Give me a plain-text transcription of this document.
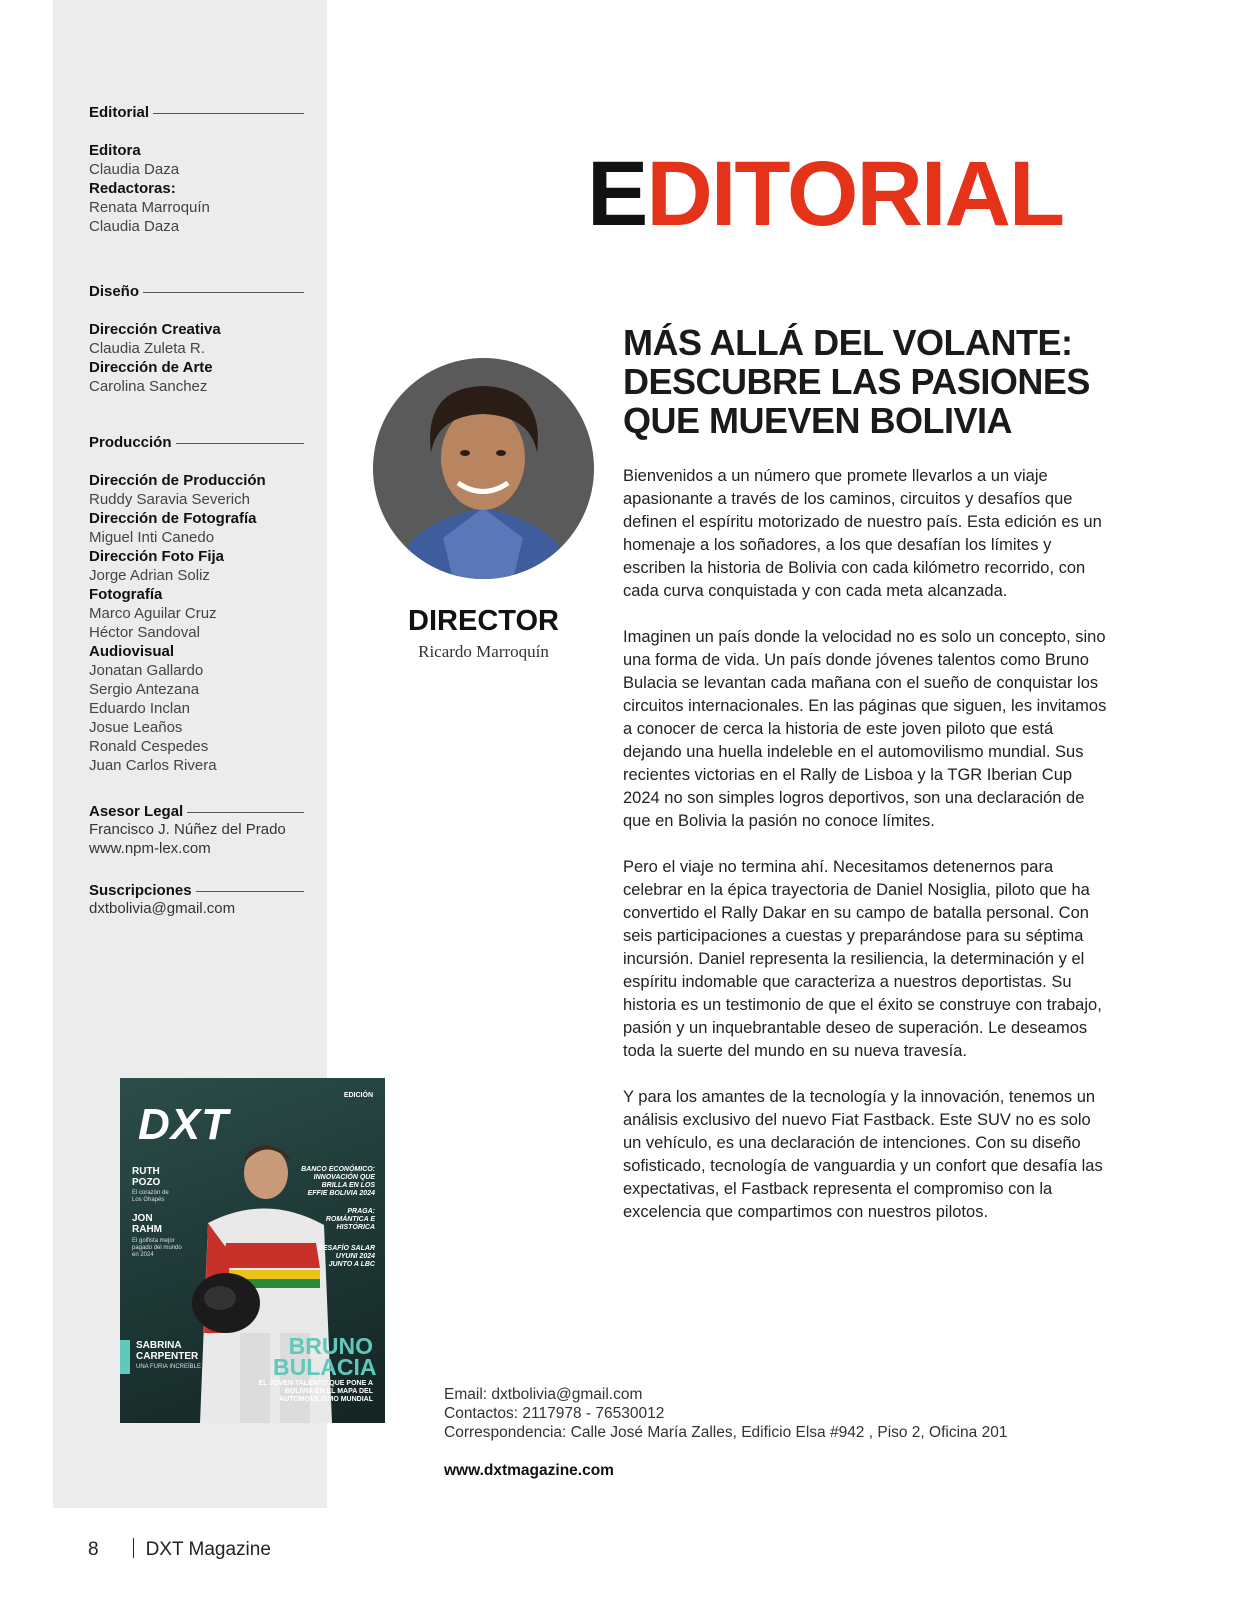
Editorial
Editora
Claudia Daza
Redactoras:
Renata Marroquín
Claudia Daza
Diseño
Dirección Creativa
Claudia Zuleta R.
Dirección de Arte
Carolina Sanchez
Producción
Dirección de Producción
Ruddy Saravia Severich
Dirección de Fotografía
Miguel Inti Canedo
Dirección Foto Fija
Jorge Adrian Soliz
Fotografía
Marco Aguilar Cruz
Héctor Sandoval
Audiovisual
Jonatan Gallardo
Sergio Antezana
Eduardo Inclan
Josue Leaños
Ronald Cespedes
Juan Carlos Rivera
Asesor Legal
Francisco J. Núñez del Prado
www.npm-lex.com
Suscripciones
dxtbolivia@gmail.com
DXT
EDICIÓN
RUTH POZO
El corazón de Los Ghapés
JON RAHM
El golfista mejor pagado del mundo en 2024
BANCO ECONÓMICO: INNOVACIÓN QUE BRILLA EN LOS EFFIE BOLIVIA 2024
PRAGA: ROMÁNTICA E HISTÓRICA
DESAFÍO SALAR UYUNI 2024 JUNTO A LBC
SABRINA CARPENTER
UNA FURIA INCREÍBLE
BRUNO BULACIA
EL JOVEN TALENTO QUE PONE A BOLIVIA EN EL MAPA DEL AUTOMOVILISMO MUNDIAL
EDITORIAL
DIRECTOR
Ricardo Marroquín
MÁS ALLÁ DEL VOLANTE: DESCUBRE LAS PASIONES QUE MUEVEN BOLIVIA

Bienvenidos a un número que promete llevarlos a un viaje apasionante a través de los caminos, circuitos y desafíos que definen el espíritu motorizado de nuestro país. Esta edición es un homenaje a los soñadores, a los que desafían los límites y escriben la historia de Bolivia con cada kilómetro recorrido, con cada curva conquistada y con cada meta alcanzada.

Imaginen un país donde la velocidad no es solo un concepto, sino una forma de vida. Un país donde jóvenes talentos como Bruno Bulacia se levantan cada mañana con el sueño de conquistar los circuitos internacionales. En las páginas que siguen, les invitamos a conocer de cerca la historia de este joven piloto que está dejando una huella indeleble en el automovilismo mundial. Sus recientes victorias en el Rally de Lisboa y la TGR Iberian Cup 2024 no son simples logros deportivos, son una declaración de que en Bolivia la pasión no conoce límites.

Pero el viaje no termina ahí. Necesitamos detenernos para celebrar en la épica trayectoria de Daniel Nosiglia, piloto que ha convertido el Rally Dakar en su campo de batalla personal. Con seis participaciones a cuestas y preparándose para su séptima incursión. Daniel representa la resiliencia, la determinación y el espíritu indomable que caracteriza a nuestros deportistas. Su historia es un testimonio de que el éxito se construye con trabajo, pasión y un inquebrantable deseo de superación. Le deseamos toda la suerte del mundo en su nueva travesía.

Y para los amantes de la tecnología y la innovación, tenemos un análisis exclusivo del nuevo Fiat Fastback. Este SUV no es solo un vehículo, es una declaración de intenciones. Con su diseño sofisticado, tecnología de vanguardia y un confort que desafía las expectativas, el Fastback representa el compromiso con la excelencia que compartimos con nuestros pilotos.

Email: dxtbolivia@gmail.com
Contactos: 2117978 - 76530012
Correspondencia: Calle José María Zalles, Edificio Elsa #942 , Piso 2, Oficina 201
www.dxtmagazine.com
8 DXT Magazine
